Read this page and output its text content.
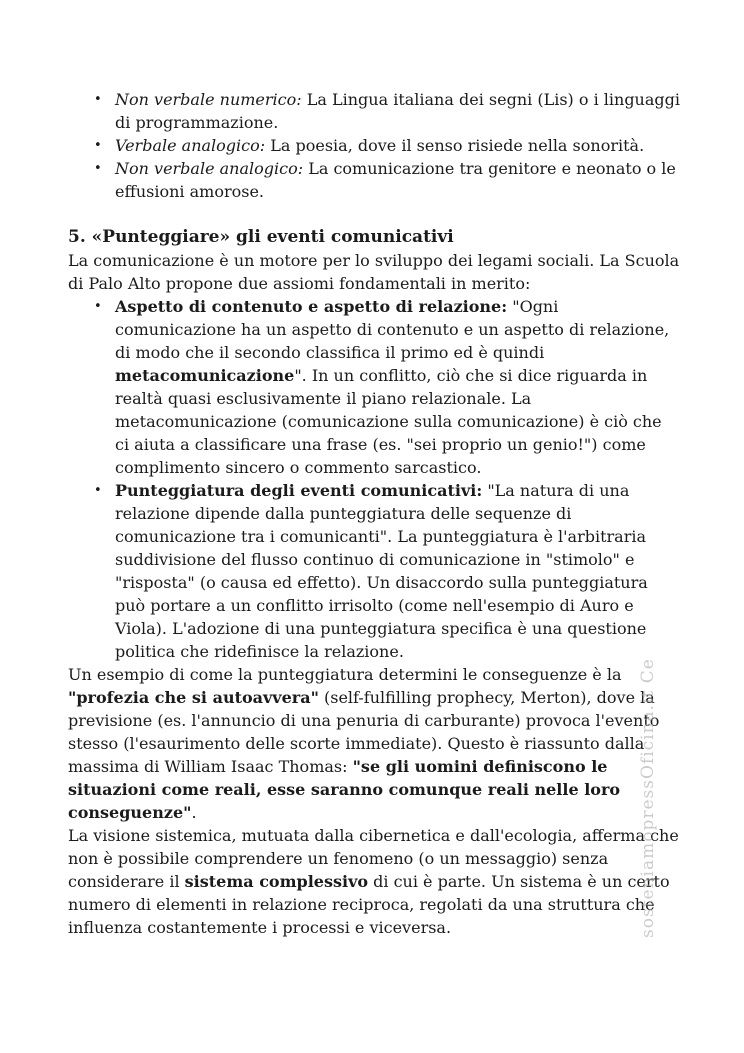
• Non verbale numerico: La Lingua italiana dei segni (Lis) o i linguaggi di programmazione.
• Verbale analogico: La poesia, dove il senso risiede nella sonorità.
• Non verbale analogico: La comunicazione tra genitore e neonato o le effusioni amorose.
5. «Punteggiare» gli eventi comunicativi

La comunicazione è un motore per lo sviluppo dei legami sociali. La Scuola di Palo Alto propone due assiomi fondamentali in merito:

• Aspetto di contenuto e aspetto di relazione: "Ogni comunicazione ha un aspetto di contenuto e un aspetto di relazione, di modo che il secondo classifica il primo ed è quindi metacomunicazione". In un conflitto, ciò che si dice riguarda in realtà quasi esclusivamente il piano relazionale. La metacomunicazione (comunicazione sulla comunicazione) è ciò che ci aiuta a classificare una frase (es. "sei proprio un genio!") come complimento sincero o commento sarcastico.
• Punteggiatura degli eventi comunicativi: "La natura di una relazione dipende dalla punteggiatura delle sequenze di comunicazione tra i comunicanti". La punteggiatura è l'arbitraria suddivisione del flusso continuo di comunicazione in "stimolo" e "risposta" (o causa ed effetto). Un disaccordo sulla punteggiatura può portare a un conflitto irrisolto (come nell'esempio di Auro e Viola). L'adozione di una punteggiatura specifica è una questione politica che ridefinisce la relazione.

Un esempio di come la punteggiatura determini le conseguenze è la "profezia che si autoavvera" (self-fulfilling prophecy, Merton), dove la previsione (es. l'annuncio di una penuria di carburante) provoca l'evento stesso (l'esaurimento delle scorte immediate). Questo è riassunto dalla massima di William Isaac Thomas: "se gli uomini definiscono le situazioni come reali, esse saranno comunque reali nelle loro conseguenze".

La visione sistemica, mutuata dalla cibernetica e dall'ecologia, afferma che non è possibile comprendere un fenomeno (o un messaggio) senza considerare il sistema complessivo di cui è parte. Un sistema è un certo numero di elementi in relazione reciproca, regolati da una struttura che influenza costantemente i processi e viceversa.	sosteniamopressOficina.it Ce
